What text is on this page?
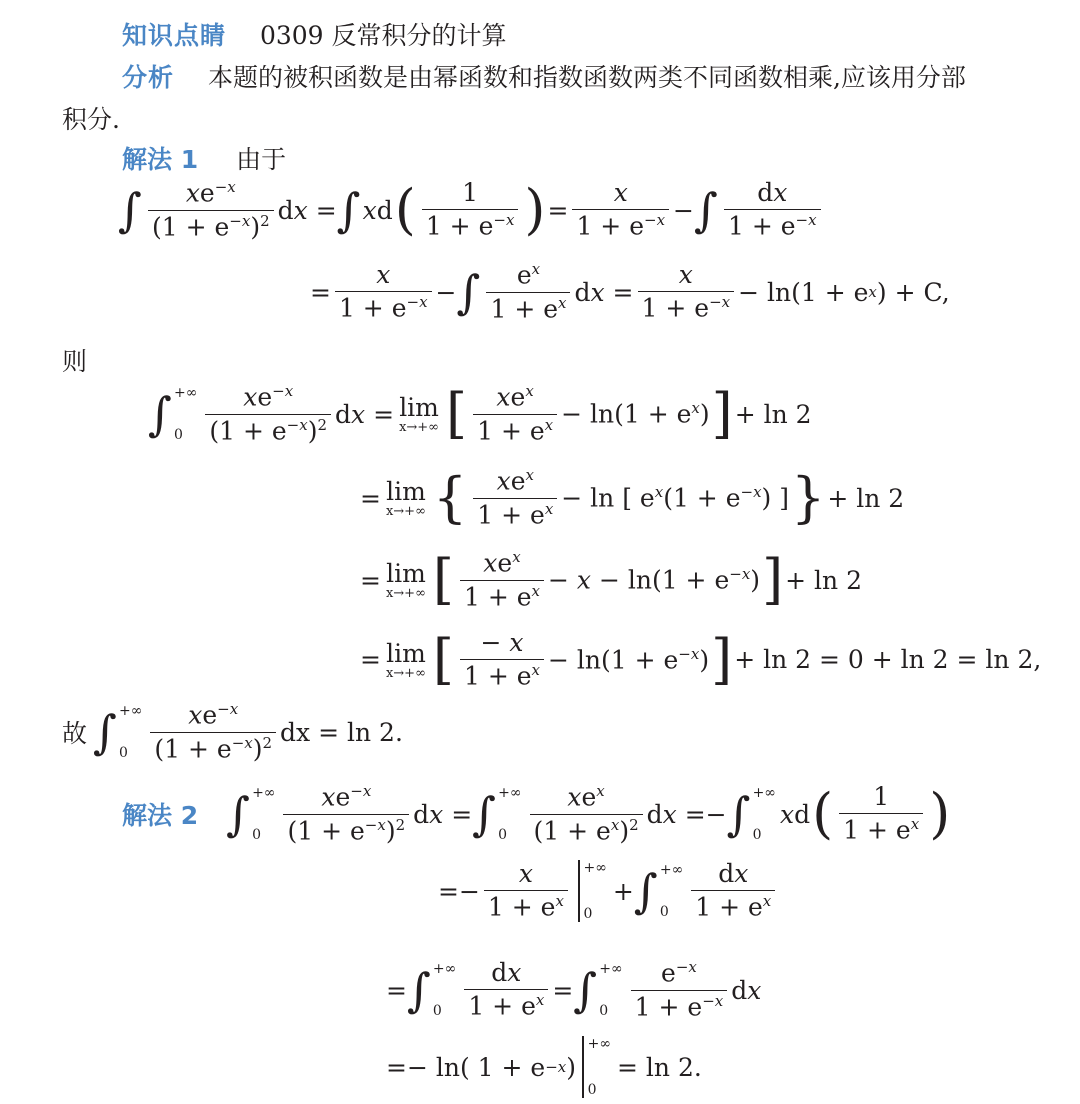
知识点睛 0309 反常积分的计算
分析 本题的被积函数是由幂函数和指数函数两类不同函数相乘,应该用分部
积分.
解法 1 由于
∫ $\frac{xe^{-x}}{(1 + e^{-x})^2}$ dx = ∫ xd ( $\frac{1}{1 + e^{-x}}$ ) = $\frac{x}{1 + e^{-x}}$ − ∫ $\frac{dx}{1 + e^{-x}}$
= $\frac{x}{1 + e^{-x}}$ − ∫ $\frac{e^x}{1 + e^x}$ dx = $\frac{x}{1 + e^{-x}} - \ln(1 + e$ x ) + C,
则
∫ +∞
$0 \frac{xe^{-x}}{(1 + e^{-x})^2}$ dx = lim
x→+∞ [ $\frac{xe^x}{1 + e^x} - \ln(1 + e^x)$ ] + ln 2
= lim
x→+∞ { $\frac{xe^x}{1 + e^x} - \ln$ [ $e^x(1 + e^{-x})$ ] } + ln 2
= lim
x→+∞ [ $\frac{xe^x}{1 + e^x} - x - \ln(1 + e^{-x})$ ] + ln 2
= lim
x→+∞ [ $\frac{- x}{1 + e^x} - \ln(1 + e^{-x})$ ] + ln 2 = 0 + ln 2 = ln 2,
故 ∫ +∞
$0 \frac{xe^{-x}}{(1 + e^{-x})^2}$ dx = ln 2.
解法 2 ∫ +∞
$0 \frac{xe^{-x}}{(1 + e^{-x})^2}$ dx = ∫ +∞
$0 \frac{xe^x}{(1 + e^x)^2}$ dx =− ∫ +∞
0
xd ( $\frac{1}{1 + e^x}$ )
=− $\frac{x}{1 + e^x}$ +∞
0
+ ∫ +∞
$0 \frac{dx}{1 + e^x}$
= ∫ +∞
$0 \frac{dx}{1 + e^x}$ = ∫ +∞
$0 \frac{e^{-x}}{1 + e^{-x}}$ dx
=− ln( 1 + e −x )
+∞
0
= ln 2.
